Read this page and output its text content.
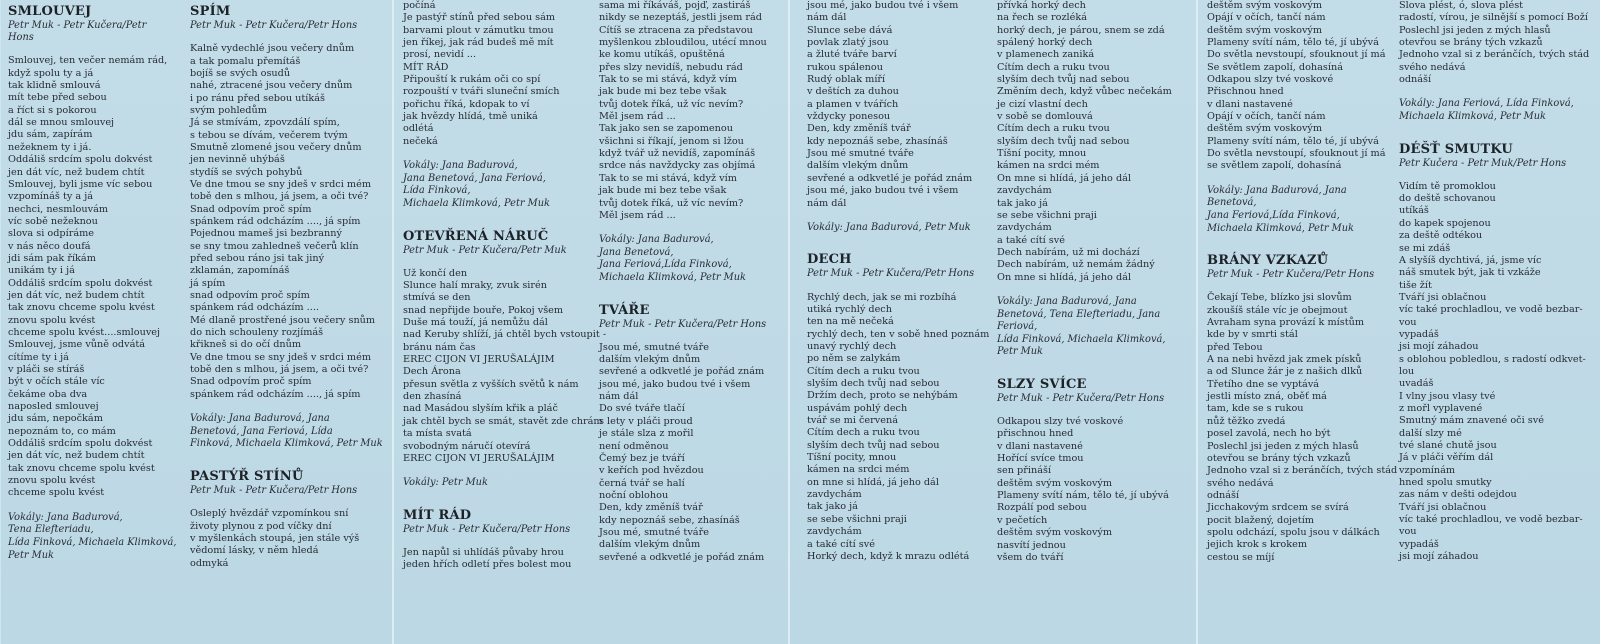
SMLOUVEJ
Petr Muk - Petr Kučera/Petr
Hons
Smlouvej, ten večer nemám rád,
když spolu ty a já
tak klidně smlouvá
mít tebe před sebou
a říct si s pokorou
dál se mnou smlouvej
jdu sám, zapírám
nežeknem ty i já.
Oddáliš srdcím spolu dokvést
jen dát víc, než budem chtít
Smlouvej, byli jsme víc sebou
vzpomínáš ty a já
nechci, nesmlouvám
víc sobě nežeknou
slova si odpíráme
v nás něco doufá
jdi sám pak říkám
unikám ty i já
Oddáliš srdcím spolu dokvést
jen dát víc, než budem chtít
tak znovu chceme spolu kvést
znovu spolu kvést
chceme spolu kvést....smlouvej
Smlouvej, jsme vůně odvátá
cítíme ty i já
v pláči se stíráš
být v očích stále víc
čekáme oba dva
naposled smlouvej
jdu sám, nepočkám
nepoznám to, co mám
Oddáliš srdcím spolu dokvést
jen dát víc, než budem chtít
tak znovu chceme spolu kvést
znovu spolu kvést
chceme spolu kvést
Vokály: Jana Badurová,
Tena Elefteriadu,
Lída Finková, Michaela Klimková,
Petr Muk
SPÍM
Petr Muk - Petr Kučera/Petr Hons
Kalně vydechlé jsou večery dnům
a tak pomalu přemítáš
bojíš se svých osudů
nahé, ztracené jsou večery dnům
i po ránu před sebou utíkáš
svým pohledům
Já se stmívám, zpovzdálí spím,
s tebou se dívám, večerem tvým
Smutně zlomené jsou večery dnům
jen nevinně uhýbáš
stydíš se svých pohybů
Ve dne tmou se sny jdeš v srdci mém
tobě den s mlhou, já jsem, a oči tvé?
Snad odpovím proč spím
spánkem rád odcházím ...., já spím
Pojednou mameš jsi bezbranný
se sny tmou zahledneš večerů klín
před sebou ráno jsi tak jiný
zklamán, zapomínáš
já spím
snad odpovím proč spím
spánkem rád odcházím ....
Mé dlaně prostřené jsou večery snům
do nich schouleny rozjímáš
křikneš si do očí dnům
Ve dne tmou se sny jdeš v srdci mém
tobě den s mlhou, já jsem, a oči tvé?
Snad odpovím proč spím
spánkem rád odcházím ...., já spím
Vokály: Jana Badurová, Jana
Benetová, Jana Feriová, Lída
Finková, Michaela Klimková, Petr Muk
PASTÝŘ STÍNŮ
Petr Muk - Petr Kučera/Petr Hons
Osleplý hvězdář vzpomínkou sní
životy plynou z pod víčky dní
v myšlenkách stoupá, jen stále výš
vědomí lásky, v něm hledá
odmyká
počíná
Je pastýř stínů před sebou sám
barvami plout v zámutku tmou
jen říkej, jak rád budeš mě mít
prosí, nevidí ...
MÍT RÁD
Připouští k rukám oči co spí
rozpouští v tváři sluneční smích
pořichu říká, kdopak to ví
jak hvězdy hlídá, tmě uniká
odlétá
nečeká
Vokály: Jana Badurová,
Jana Benetová, Jana Feriová,
Lída Finková,
Michaela Klimková, Petr Muk
OTEVŘENÁ NÁRUČ
Petr Muk - Petr Kučera/Petr Muk
Už končí den
Slunce halí mraky, zvuk sirén
stmívá se den
snad nepřijde bouře, Pokoj všem
Duše má touží, já nemůžu dál
nad Keruby shlíží, já chtěl bych vstoupit -
bránu nám čas
EREC CIJON VI JERUŠALÁJIM
Dech Árona
přesun světla z vyšších světů k nám
den zhasíná
nad Masádou slyším křik a pláč
jak chtěl bych se smát, stavět zde chrám
ta místa svatá
svobodným náručí otevírá
EREC CIJON VI JERUŠALÁJIM
Vokály: Petr Muk
MÍT RÁD
Petr Muk - Petr Kučera/Petr Hons
Jen napůl si uhlídáš půvaby hrou
jeden hřích odletí přes bolest mou
sama mi říkáváš, pojď, zastiráš
nikdy se nezeptáš, jestli jsem rád
Cítíš se ztracena za představou
myšlenkou zbloudilou, utécí mnou
ke komu utíkáš, opuštěná
přes slzy nevidíš, nebudu rád
Tak to se mi stává, když vím
jak bude mi bez tebe však
tvůj dotek říká, už víc nevím?
Měl jsem rád ...
Tak jako sen se zapomenou
všichni si říkají, jenom si lžou
když tvář už nevidíš, zapomínáš
srdce nás navždycky zas objímá
Tak to se mi stává, když vím
jak bude mi bez tebe však
tvůj dotek říká, už víc nevím?
Měl jsem rád ...
Vokály: Jana Badurová,
Jana Benetová,
Jana Feriová,Lída Finková,
Michaela Klimková, Petr Muk
TVÁŘE
Petr Muk - Petr Kučera/Petr Hons
Jsou mé, smutné tváře
dalším vlekým dnům
sevřené a odkvetlé je pořád znám
jsou mé, jako budou tvé i všem
nám dál
Do své tváře tlačí
s lety v pláči proud
je stále slza z mořil
není odměnou
Čemý bez je tváří
v keřích pod hvězdou
černá tvář se halí
noční oblohou
Den, kdy změníš tvář
kdy nepoznáš sebe, zhasínáš
Jsou mé, smutné tváře
dalším vlekým dnům
sevřené a odkvetlé je pořád znám
jsou mé, jako budou tvé i všem
nám dál
Slunce sebe dává
povlak zlatý jsou
a žluté tváře barví
rukou spálenou
Rudý oblak míří
v deštích za duhou
a plamen v tvářích
vždycky ponesou
Den, kdy změníš tvář
kdy nepoznáš sebe, zhasínáš
Jsou mé smutné tváře
dalším vlekým dnům
sevřené a odkvetlé je pořád znám
jsou mé, jako budou tvé i všem
nám dál
Vokály: Jana Badurová, Petr Muk
DECH
Petr Muk - Petr Kučera/Petr Hons
Rychlý dech, jak se mi rozbíhá
utiká rychlý dech
ten na mě nečeká
rychlý dech, ten v sobě hned poznám
unavý rychlý dech
po něm se zalykám
Cítím dech a ruku tvou
slyším dech tvůj nad sebou
Držím dech, proto se nehýbám
uspávám pohlý dech
tvář se mi červená
Cítím dech a ruku tvou
slyším dech tvůj nad sebou
Tíšní pocity, mnou
kámen na srdci mém
on mne si hlídá, já jeho dál
zavdychám
tak jako já
se sebe všichni praji
zavdychám
a také cítí své
Horký dech, když k mrazu odlétá
přívká horký dech
na řech se rozléká
horký dech, je párou, snem se zdá
spálený horký dech
v plamenech zaniká
Cítím dech a ruku tvou
slyším dech tvůj nad sebou
Změním dech, když vůbec nečekám
je cizí vlastní dech
v sobě se domlouvá
Cítím dech a ruku tvou
slyším dech tvůj nad sebou
Tíšní pocity, mnou
kámen na srdci mém
On mne si hlídá, já jeho dál
zavdychám
tak jako já
se sebe všichni praji
zavdychám
a také cítí své
Dech nabírám, už mi dochází
Dech nabírám, už nemám žádný
On mne si hlídá, já jeho dál
Vokály: Jana Badurová, Jana
Benetová, Tena Elefteriadu, Jana
Feriová,
Lída Finková, Michaela Klimková,
Petr Muk
SLZY SVÍCE
Petr Muk - Petr Kučera/Petr Hons
Odkapou slzy tvé voskové
přischnou hned
v dlani nastavené
Hořící svíce tmou
sen přináší
deštěm svým voskovým
Plameny svítí nám, tělo té, jí ubývá
Rozpálí pod sebou
v pečetích
deštěm svým voskovým
nasvítí jednou
všem do tváří
deštěm svým voskovým
Opájí v očích, tančí nám
deštěm svým voskovým
Plameny svítí nám, tělo té, jí ubývá
Do světla nevstoupí, sfouknout jí má
Se světlem zapolí, dohasíná
Odkapou slzy tvé voskové
Přischnou hned
v dlani nastavené
Opájí v očích, tančí nám
deštěm svým voskovým
Plameny svítí nám, tělo té, jí ubývá
Do světla nevstoupí, sfouknout jí má
se světlem zapolí, dohasíná
Vokály: Jana Badurová, Jana
Benetová,
Jana Feriová,Lída Finková,
Michaela Klimková, Petr Muk
BRÁNY VZKAZŮ
Petr Muk - Petr Kučera/Petr Hons
Čekají Tebe, blízko jsi slovům
zkoušíš stále víc je obejmout
Avraham syna provází k místům
kde by v smrti stál
před Tebou
A na nebi hvězd jak zmek písků
a od Slunce žár je z našich dlků
Třetího dne se vyptává
jestli místo zná, oběť má
tam, kde se s rukou
nůž těžko zvedá
posel zavolá, nech ho být
Poslechl jsi jeden z mých hlasů
otevřou se brány tých vzkazů
Jednoho vzal si z beránčích, tvých stád
svého nedává
odnáší
Jicchakovým srdcem se svírá
pocit blažený, dojetím
spolu odchází, spolu jsou v dálkách
jejich krok s krokem
cestou se míjí
Slova plést, ó, slova plést
radostí, vírou, je silnější s pomocí Boží
Poslechl jsi jeden z mých hlasů
otevřou se brány tých vzkazů
Jednoho vzal si z beránčích, tvých stád
svého nedává
odnáší
Vokály: Jana Feriová, Lída Finková,
Michaela Klimková, Petr Muk
DÉŠŤ SMUTKU
Petr Kučera - Petr Muk/Petr Hons
Vidím tě promoklou
do deště schovanou
utíkáš
do kapek spojenou
za deště odtékou
se mi zdáš
A slyšíš dychtivá, já, jsme víc
náš smutek být, jak ti vzkáže
tiše žít
Tváří jsi oblačnou
víc také prochladlou, ve vodě bezbar-
vou
vypadáš
jsi mojí záhadou
s oblohou pobledlou, s radostí odkvet-
lou
uvadáš
I vlny jsou vlasy tvé
z mořl vyplavené
Smutný mám znavené oči své
další slzy mé
tvé slané chutě jsou
Já v pláči věřím dál
vzpomínám
hned spolu smutky
zas nám v dešti odejdou
Tváří jsi oblačnou
víc také prochladlou, ve vodě bezbar-
vou
vypadáš
jsi mojí záhadou
